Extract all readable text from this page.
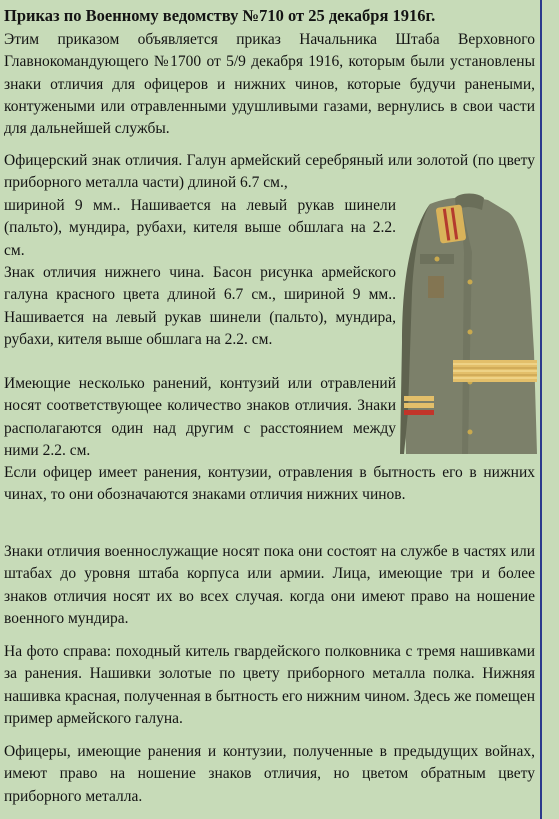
Приказ по Военному ведомству №710 от 25 декабря 1916г.
Этим приказом объявляется приказ Начальника Штаба Верховного Главнокомандующего №1700 от 5/9 декабря 1916, которым были установлены знаки отличия для офицеров и нижних чинов, которые будучи ранеными, контужеными или отравленными удушливыми газами, вернулись в свои части для дальнейшей службы.
Офицерский знак отличия. Галун армейский серебряный или золотой (по цвету приборного металла части) длиной 6.7 см.,
шириной 9 мм.. Нашивается на левый рукав шинели (пальто), мундира, рубахи, кителя выше обшлага на 2.2. см.
Знак отличия нижнего чина. Басон рисунка армейского галуна красного цвета длиной 6.7 см., шириной 9 мм.. Нашивается на левый рукав шинели (пальто), мундира, рубахи, кителя выше обшлага на 2.2. см.
Имеющие несколько ранений, контузий или отравлений носят соответствующее количество знаков отличия. Знаки располагаются один над другим с расстоянием между ними 2.2. см.
Если офицер имеет ранения, контузии, отравления в бытность его в нижних чинах, то они обозначаются знаками отличия нижних чинов.
Знаки отличия военнослужащие носят пока они состоят на службе в частях или штабах до уровня штаба корпуса или армии. Лица, имеющие три и более знаков отличия носят их во всех случая. когда они имеют право на ношение военного мундира.
На фото справа: походный китель гвардейского полковника с тремя нашивками за ранения. Нашивки золотые по цвету приборного металла полка. Нижняя нашивка красная, полученная в бытность его нижним чином. Здесь же помещен пример армейского галуна.
Офицеры, имеющие ранения и контузии, полученные в предыдущих войнах, имеют право на ношение знаков отличия, но цветом обратным цвету приборного металла.
